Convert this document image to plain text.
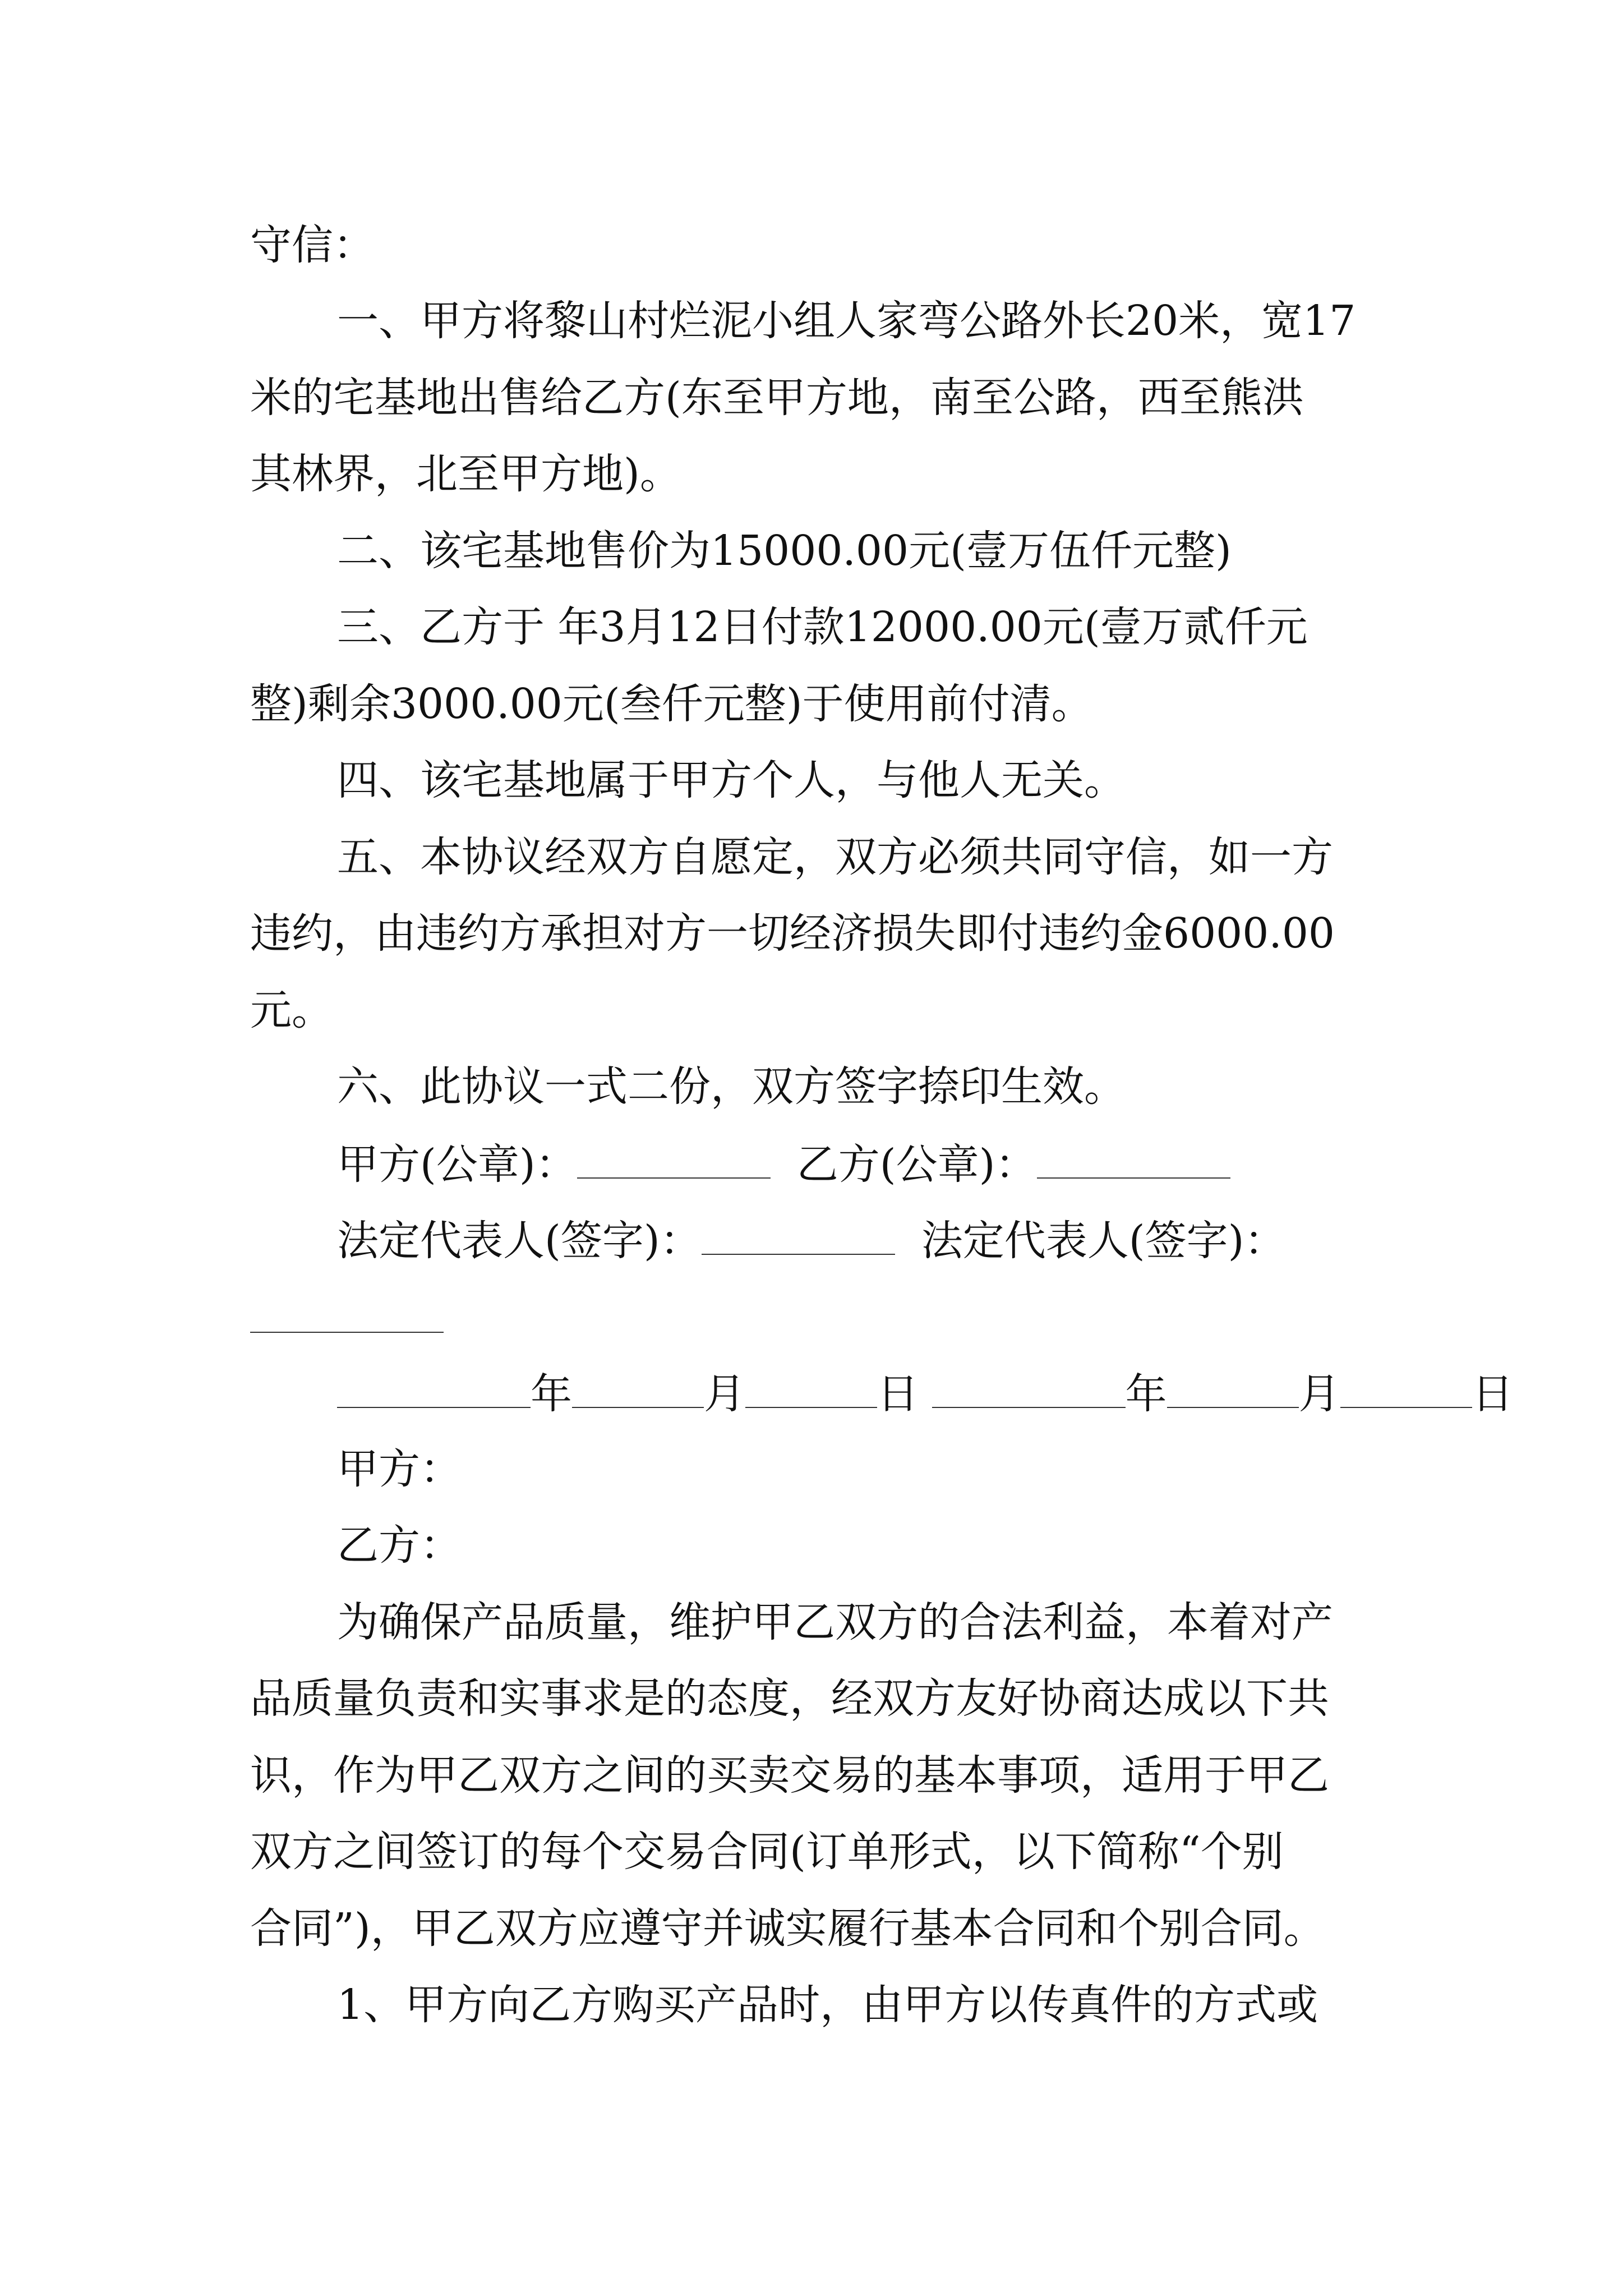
守信：
一、甲方将黎山村烂泥小组人家弯公路外长20米，宽17
米的宅基地出售给乙方(东至甲方地，南至公路，西至熊洪
其林界，北至甲方地)。
二、该宅基地售价为15000.00元(壹万伍仟元整)
三、乙方于 年3月12日付款12000.00元(壹万贰仟元
整)剩余3000.00元(叁仟元整)于使用前付清。
四、该宅基地属于甲方个人，与他人无关。
五、本协议经双方自愿定，双方必须共同守信，如一方
违约，由违约方承担对方一切经济损失即付违约金6000.00
元。
六、此协议一式二份，双方签字捺印生效。
甲方(公章)：	乙方(公章)：
法定代表人(签字)：	法定代表人(签字)：
年	月	日	年	月	日
甲方：
乙方：
为确保产品质量，维护甲乙双方的合法利益，本着对产
品质量负责和实事求是的态度，经双方友好协商达成以下共
识，作为甲乙双方之间的买卖交易的基本事项，适用于甲乙
双方之间签订的每个交易合同(订单形式，以下简称“个别
合同”)，甲乙双方应遵守并诚实履行基本合同和个别合同。
1、甲方向乙方购买产品时，由甲方以传真件的方式或
